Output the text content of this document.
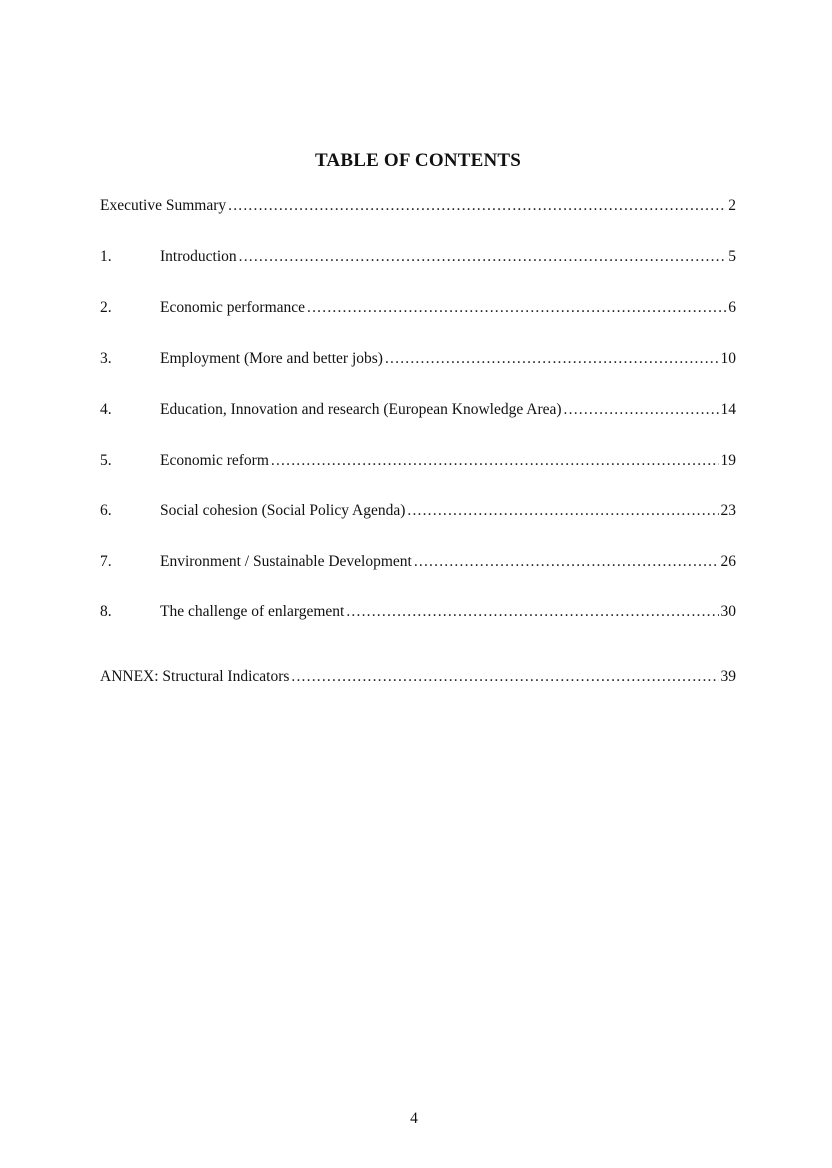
TABLE OF CONTENTS
Executive Summary .....	2
1.	Introduction .....	5
2.	Economic performance .....	6
3.	Employment (More and better jobs) .....	10
4.	Education, Innovation and research (European Knowledge Area) .....	14
5.	Economic reform .....	19
6.	Social cohesion (Social Policy Agenda) .....	23
7.	Environment / Sustainable Development .....	26
8.	The challenge of enlargement .....	30
ANNEX: Structural Indicators .....	39
4
